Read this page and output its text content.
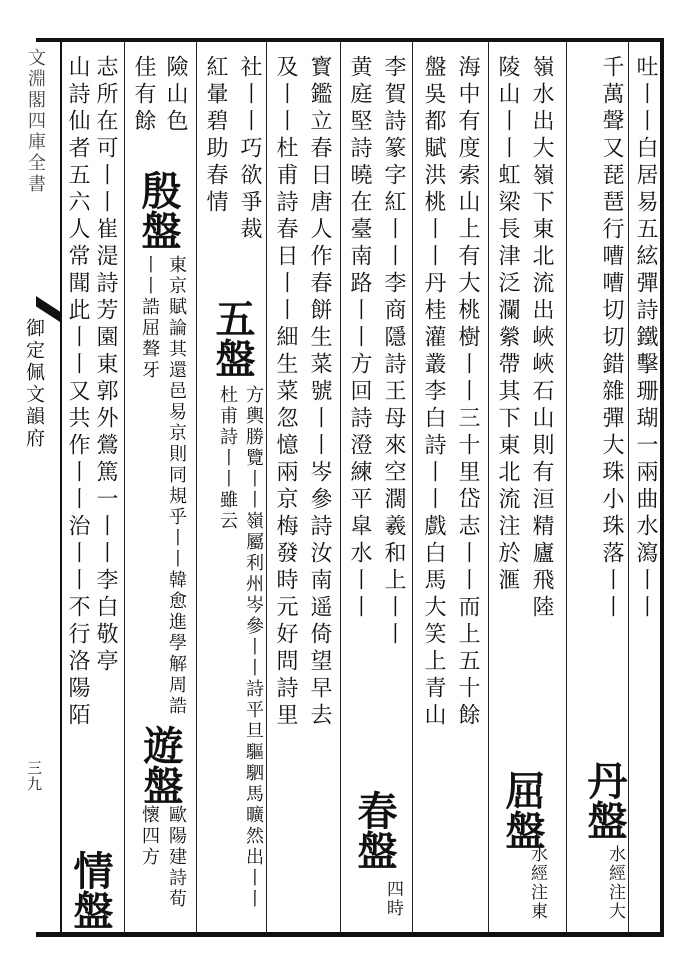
文淵閣四庫全書
御定佩文韻府
三九
吐丨丨白居易五絃彈詩鐵擊珊瑚一兩曲水瀉丨丨
千萬聲又琵琶行嘈嘈切切錯雜彈大珠小珠落丨丨
丹盤
水經注大
嶺水出大嶺下東北流出峽峽石山則有洹精廬飛陸
陵山丨丨虹梁長津泛瀾縈帶其下東北流注於滙
屈盤
水經注東
海中有度索山上有大桃樹丨丨三十里岱志丨丨而上五十餘
盤吳都賦洪桃丨丨丹桂灌叢李白詩丨丨戲白馬大笑上青山
李賀詩篆字紅丨丨李商隱詩王母來空濶羲和上丨丨
黄庭堅詩曉在臺南路丨丨方回詩澄練平皐水丨丨
春盤
四時
寳鑑立春日唐人作春餅生菜號丨丨岑參詩汝南遥倚望早去
及丨丨杜甫詩春日丨丨細生菜忽憶兩京梅發時元好問詩里
社丨丨巧欲爭裁
紅暈碧助春情
五盤
方輿勝覽丨丨嶺屬利州岑參丨丨詩平旦驅駟馬曠然出丨丨杜甫詩丨丨雖云
險山色
佳有餘
殷盤
東京賦論其還邑易京則同規乎丨丨韓愈進學解周誥丨丨誥屈聱牙
遊盤
歐陽建詩荀懷四方
志所在可丨丨崔湜詩芳園東郭外鶯篤一丨丨李白敬亭
山詩仙者五六人常聞此丨丨又共作丨丨治丨丨不行洛陽陌
情盤
